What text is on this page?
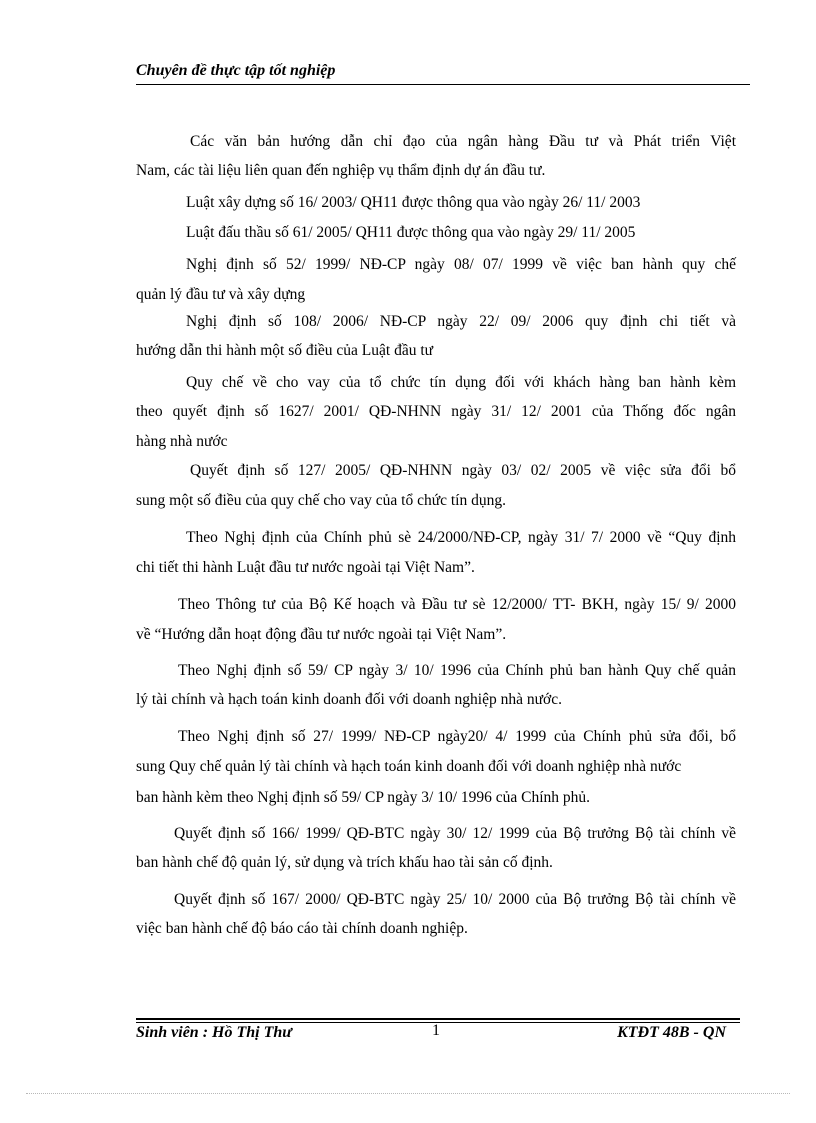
Chuyên đề thực tập tốt nghiệp
Các văn bản hướng dẫn chỉ đạo của ngân hàng Đầu tư và Phát triển Việt
Nam, các tài liệu liên quan đến nghiệp vụ thẩm định dự án đầu tư.
Luật xây dựng số 16/ 2003/ QH11 được thông qua vào ngày 26/ 11/ 2003
Luật đấu thầu số 61/ 2005/ QH11 được thông qua vào ngày 29/ 11/ 2005
Nghị định số 52/ 1999/ NĐ-CP ngày 08/ 07/ 1999 về việc ban hành quy chế
quản lý đầu tư và xây dựng
Nghị định số 108/ 2006/ NĐ-CP ngày 22/ 09/ 2006 quy định chi tiết và
hướng dẫn thi hành một số điều của Luật đầu tư
Quy chế về cho vay của tổ chức tín dụng đối với khách hàng ban hành kèm
theo quyết định số 1627/ 2001/ QĐ-NHNN ngày 31/ 12/ 2001 của Thống đốc ngân
hàng nhà nước
Quyết định số 127/ 2005/ QĐ-NHNN ngày 03/ 02/ 2005 về việc sửa đổi bổ
sung một số điều của quy chế cho vay của tổ chức tín dụng.
Theo Nghị định của Chính phủ sè 24/2000/NĐ-CP, ngày 31/ 7/ 2000 về “Quy định
chi tiết thi hành Luật đầu tư nước ngoài tại Việt Nam”.
Theo Thông tư của Bộ Kế hoạch và Đầu tư sè 12/2000/ TT- BKH, ngày 15/ 9/ 2000
về “Hướng dẫn hoạt động đầu tư nước ngoài tại Việt Nam”.
Theo Nghị định số 59/ CP ngày 3/ 10/ 1996 của Chính phủ ban hành Quy chế quản
lý tài chính và hạch toán kinh doanh đối với doanh nghiệp nhà nước.
Theo Nghị định số 27/ 1999/ NĐ-CP ngày20/ 4/ 1999 của Chính phủ sửa đổi, bổ
sung Quy chế quản lý tài chính và hạch toán kinh doanh đối với doanh nghiệp nhà nước
ban hành kèm theo Nghị định số 59/ CP ngày 3/ 10/ 1996 của Chính phủ.
Quyết định số 166/ 1999/ QĐ-BTC ngày 30/ 12/ 1999 của Bộ trưởng Bộ tài chính về
ban hành chế độ quản lý, sử dụng và trích khấu hao tài sản cố định.
Quyết định số 167/ 2000/ QĐ-BTC ngày 25/ 10/ 2000 của Bộ trưởng Bộ tài chính về
việc ban hành chế độ báo cáo tài chính doanh nghiệp.
Sinh viên : Hồ Thị Thư	1	KTĐT 48B - QN
